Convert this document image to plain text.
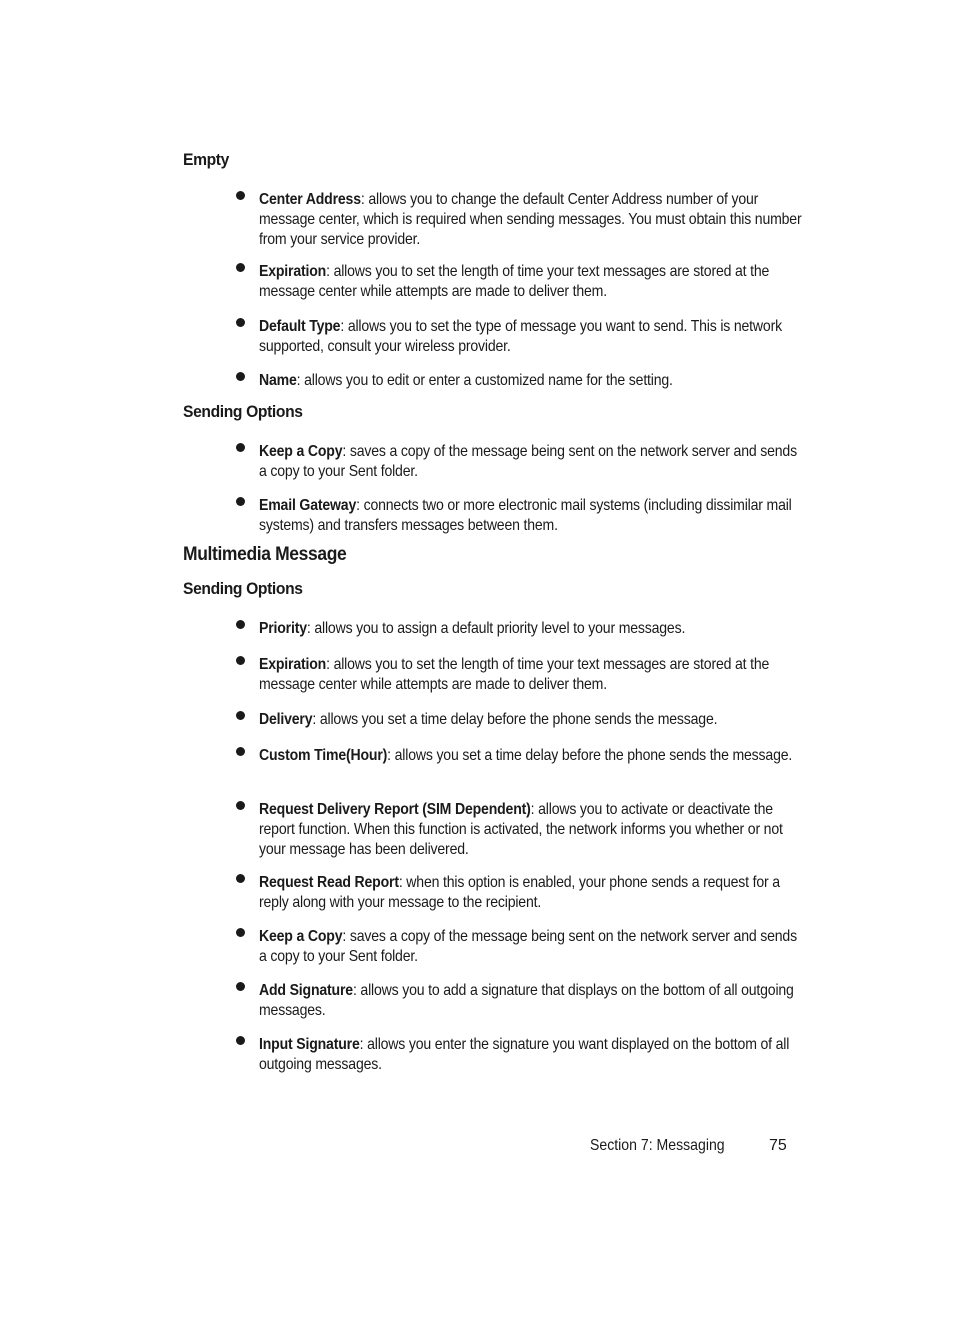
Empty
Center Address: allows you to change the default Center Address number of your message center, which is required when sending messages. You must obtain this number from your service provider.
Expiration: allows you to set the length of time your text messages are stored at the message center while attempts are made to deliver them.
Default Type: allows you to set the type of message you want to send. This is network supported, consult your wireless provider.
Name: allows you to edit or enter a customized name for the setting.
Sending Options
Keep a Copy: saves a copy of the message being sent on the network server and sends a copy to your Sent folder.
Email Gateway: connects two or more electronic mail systems (including dissimilar mail systems) and transfers messages between them.
Multimedia Message
Sending Options
Priority: allows you to assign a default priority level to your messages.
Expiration: allows you to set the length of time your text messages are stored at the message center while attempts are made to deliver them.
Delivery: allows you set a time delay before the phone sends the message.
Custom Time(Hour): allows you set a time delay before the phone sends the message.
Request Delivery Report (SIM Dependent): allows you to activate or deactivate the report function. When this function is activated, the network informs you whether or not your message has been delivered.
Request Read Report: when this option is enabled, your phone sends a request for a reply along with your message to the recipient.
Keep a Copy: saves a copy of the message being sent on the network server and sends a copy to your Sent folder.
Add Signature: allows you to add a signature that displays on the bottom of all outgoing messages.
Input Signature: allows you enter the signature you want displayed on the bottom of all outgoing messages.
Section 7: Messaging	75
